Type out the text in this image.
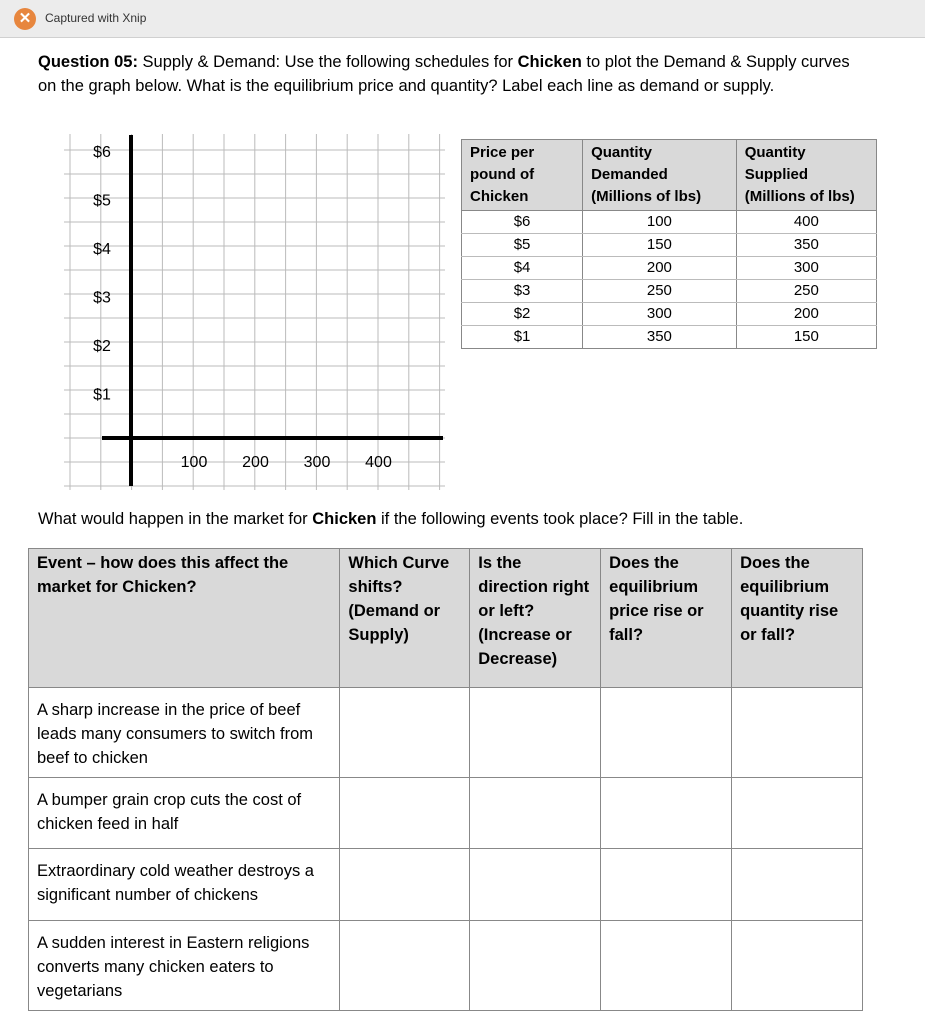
✕	Captured with Xnip
Question 05: Supply & Demand: Use the following schedules for Chicken to plot the Demand & Supply curves on the graph below. What is the equilibrium price and quantity? Label each line as demand or supply.
$6
$5
$4
$3
$2
$1
100 200 300 400
Price per pound of Chicken	Quantity Demanded (Millions of lbs)	Quantity Supplied (Millions of lbs)
$6	100	400
$5	150	350
$4	200	300
$3	250	250
$2	300	200
$1	350	150
What would happen in the market for Chicken if the following events took place? Fill in the table.
Event – how does this affect the market for Chicken?	Which Curve shifts? (Demand or Supply)	Is the direction right or left? (Increase or Decrease)	Does the equilibrium price rise or fall?	Does the equilibrium quantity rise or fall?
A sharp increase in the price of beef leads many consumers to switch from beef to chicken				
A bumper grain crop cuts the cost of chicken feed in half				
Extraordinary cold weather destroys a significant number of chickens				
A sudden interest in Eastern religions converts many chicken eaters to vegetarians				
